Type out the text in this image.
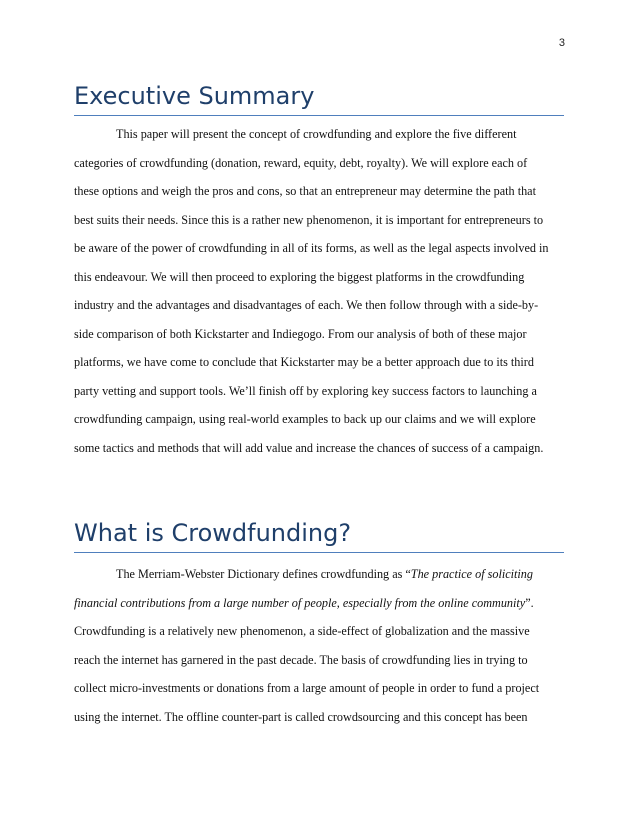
3
Executive Summary
This paper will present the concept of crowdfunding and explore the five different
categories of crowdfunding (donation, reward, equity, debt, royalty). We will explore each of
these options and weigh the pros and cons, so that an entrepreneur may determine the path that
best suits their needs. Since this is a rather new phenomenon, it is important for entrepreneurs to
be aware of the power of crowdfunding in all of its forms, as well as the legal aspects involved in
this endeavour. We will then proceed to exploring the biggest platforms in the crowdfunding
industry and the advantages and disadvantages of each. We then follow through with a side-by-
side comparison of both Kickstarter and Indiegogo. From our analysis of both of these major
platforms, we have come to conclude that Kickstarter may be a better approach due to its third
party vetting and support tools. We’ll finish off by exploring key success factors to launching a
crowdfunding campaign, using real-world examples to back up our claims and we will explore
some tactics and methods that will add value and increase the chances of success of a campaign.
What is Crowdfunding?
The Merriam-Webster Dictionary defines crowdfunding as “The practice of soliciting
financial contributions from a large number of people, especially from the online community”.
Crowdfunding is a relatively new phenomenon, a side-effect of globalization and the massive
reach the internet has garnered in the past decade. The basis of crowdfunding lies in trying to
collect micro-investments or donations from a large amount of people in order to fund a project
using the internet. The offline counter-part is called crowdsourcing and this concept has been
